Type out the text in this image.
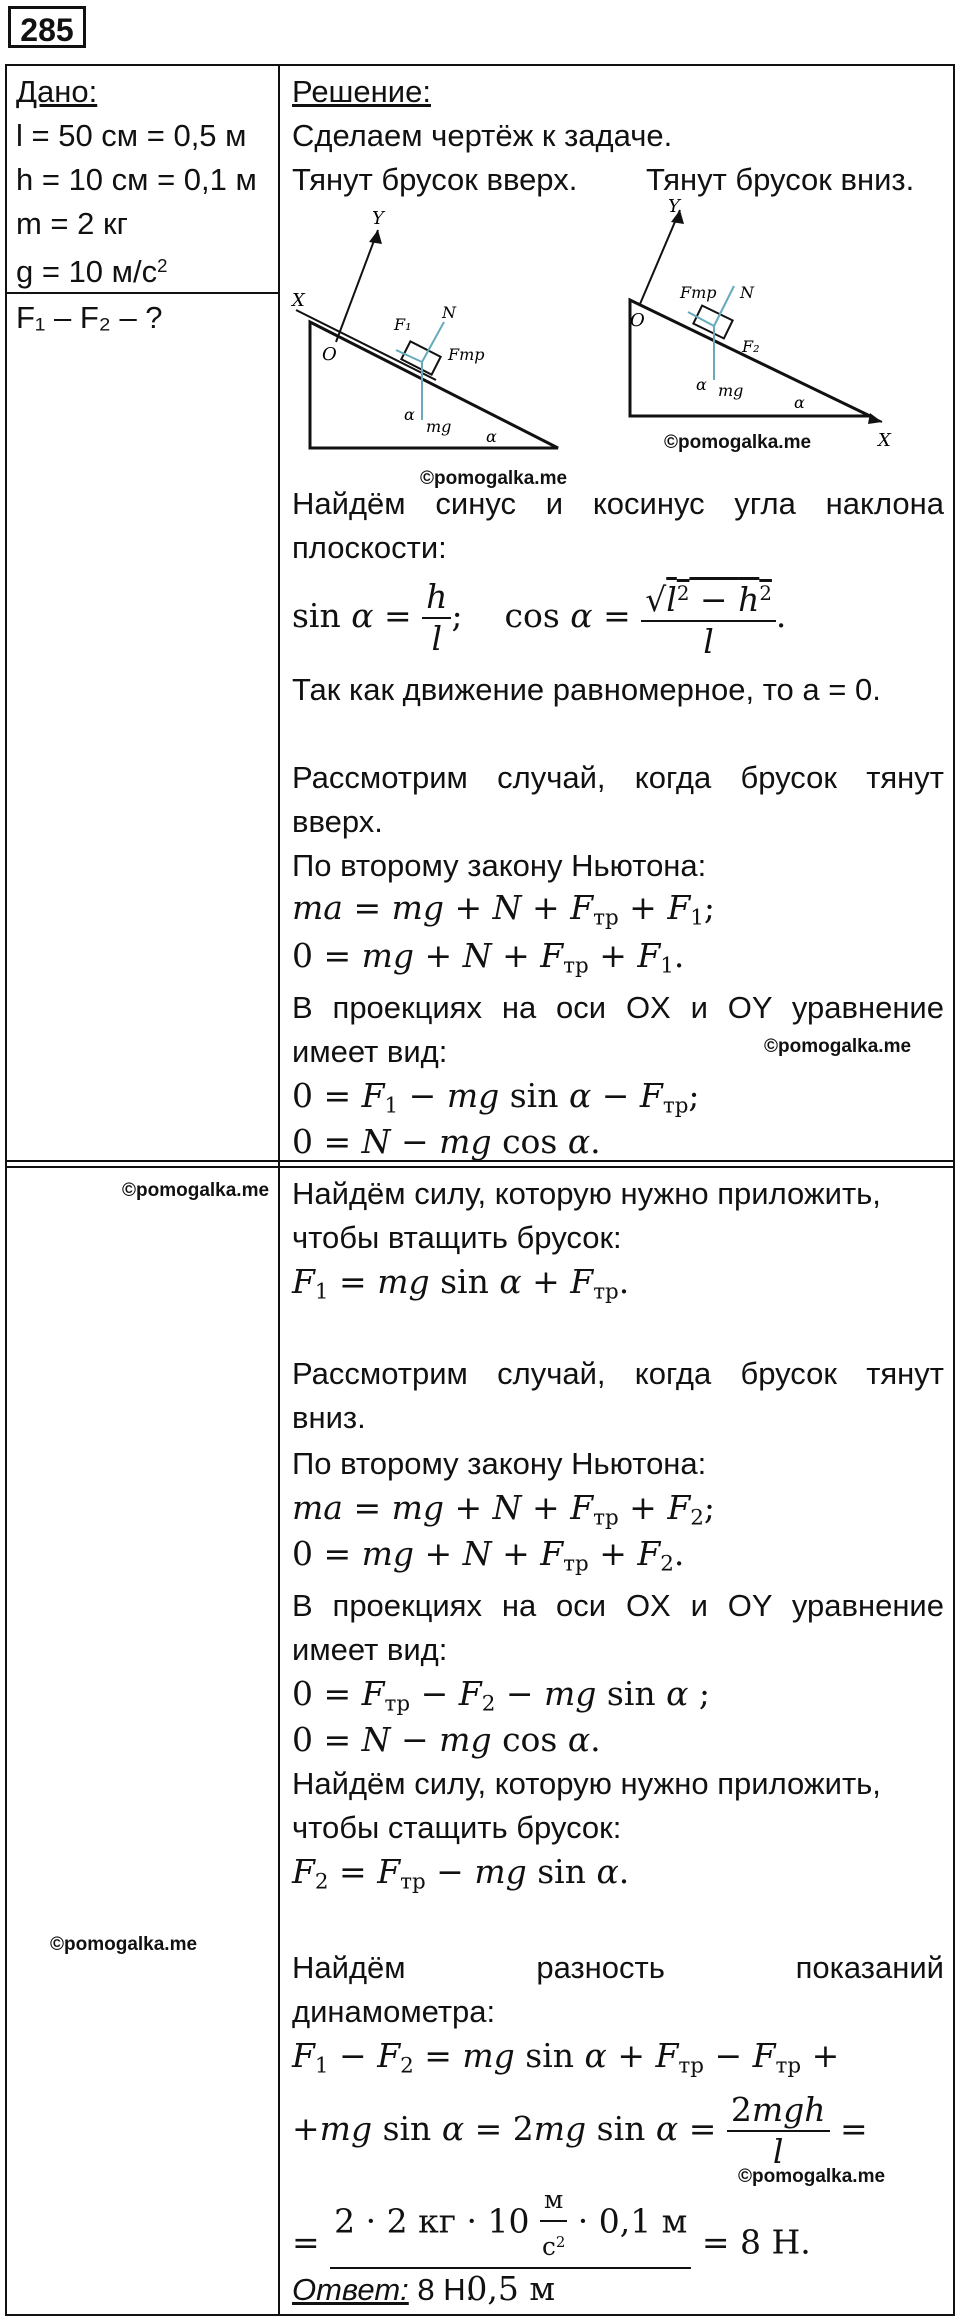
285
Дано:
l = 50 см = 0,5 м
h = 10 см = 0,1 м
m = 2 кг
g = 10 $м/с^2$
F₁ – F₂ – ?
Решение:
Сделаем чертёж к задаче.
Тянут брусок вверх. Тянут брусок вниз.
X
Y
O
F₁
N
Fтр
mg
α
α
Y
O
X
Fтр N
F₂
mg
α
α
©pomogalka.me
©pomogalka.me
Найдём синус и косинус угла наклона
плоскости:
$\sin \alpha = \frac{h}{l}$ ;    $\cos \alpha = \frac{√l^2 - h^2}{l}$ .
Так как движение равномерное, то a = 0.
Рассмотрим случай, когда брусок тянут
вверх.
По второму закону Ньютона:
ma = mg + $N + F_{тр} + F_1$;
0 = mg + $N + F_{тр} + F_1$.
В проекциях на оси OX и OY уравнение
имеет вид:	©pomogalka.me
$0 = F_1$ − mg $\sin \alpha - F_{тр}$;
0 = N − mg cos α.
©pomogalka.me Найдём силу, которую нужно приложить,
чтобы втащить брусок:
$F_1$ = mg $\sin \alpha + F_{тр}$.
Рассмотрим случай, когда брусок тянут
вниз.
По второму закону Ньютона:
ma = mg + $N + F_{тр} + F_2$;
0 = mg + $N + F_{тр} + F_2$.
В проекциях на оси OX и OY уравнение
имеет вид:
$0 = F_{тр} - F_2$ − mg sin α ;
0 = N − mg cos α.
Найдём силу, которую нужно приложить,
чтобы стащить брусок:
$F_2 = F_{тр}$ − mg sin α.
©pomogalka.me
Найдём разность показаний
динамометра:
$F_1 - F_2$ = mg $\sin \alpha + F_{тр} - F_{тр}$ +
+mg sin α = 2mg $\sin \alpha = \frac{\text{2mgh}}{l}$ =
©pomogalka.me
= $\frac{2 \cdot 2 кг \cdot 10 \frac{м}{с^2} \cdot 0,1 м}{0,5 м} = 8$ Н.
Ответ: 8 Н.
